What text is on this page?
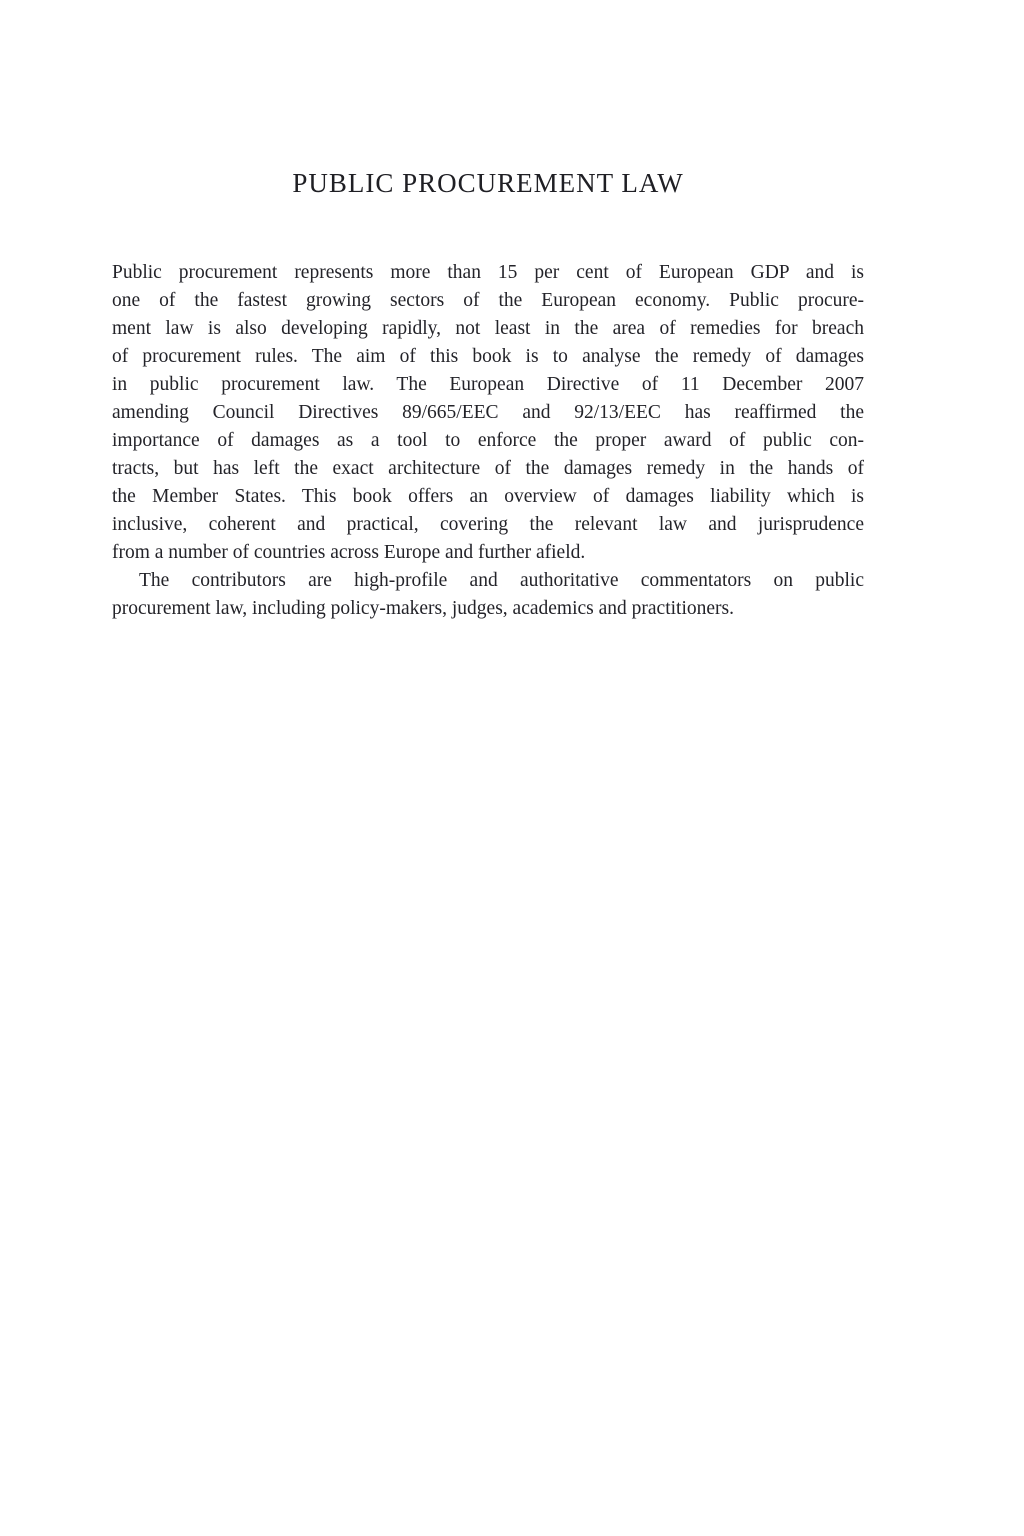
PUBLIC PROCUREMENT LAW
Public procurement represents more than 15 per cent of European GDP and is
one of the fastest growing sectors of the European economy. Public procure-
ment law is also developing rapidly, not least in the area of remedies for breach
of procurement rules. The aim of this book is to analyse the remedy of damages
in public procurement law. The European Directive of 11 December 2007
amending Council Directives 89/665/EEC and 92/13/EEC has reaffirmed the
importance of damages as a tool to enforce the proper award of public con-
tracts, but has left the exact architecture of the damages remedy in the hands of
the Member States. This book offers an overview of damages liability which is
inclusive, coherent and practical, covering the relevant law and jurisprudence
from a number of countries across Europe and further afield.
The contributors are high-profile and authoritative commentators on public
procurement law, including policy-makers, judges, academics and practitioners.
